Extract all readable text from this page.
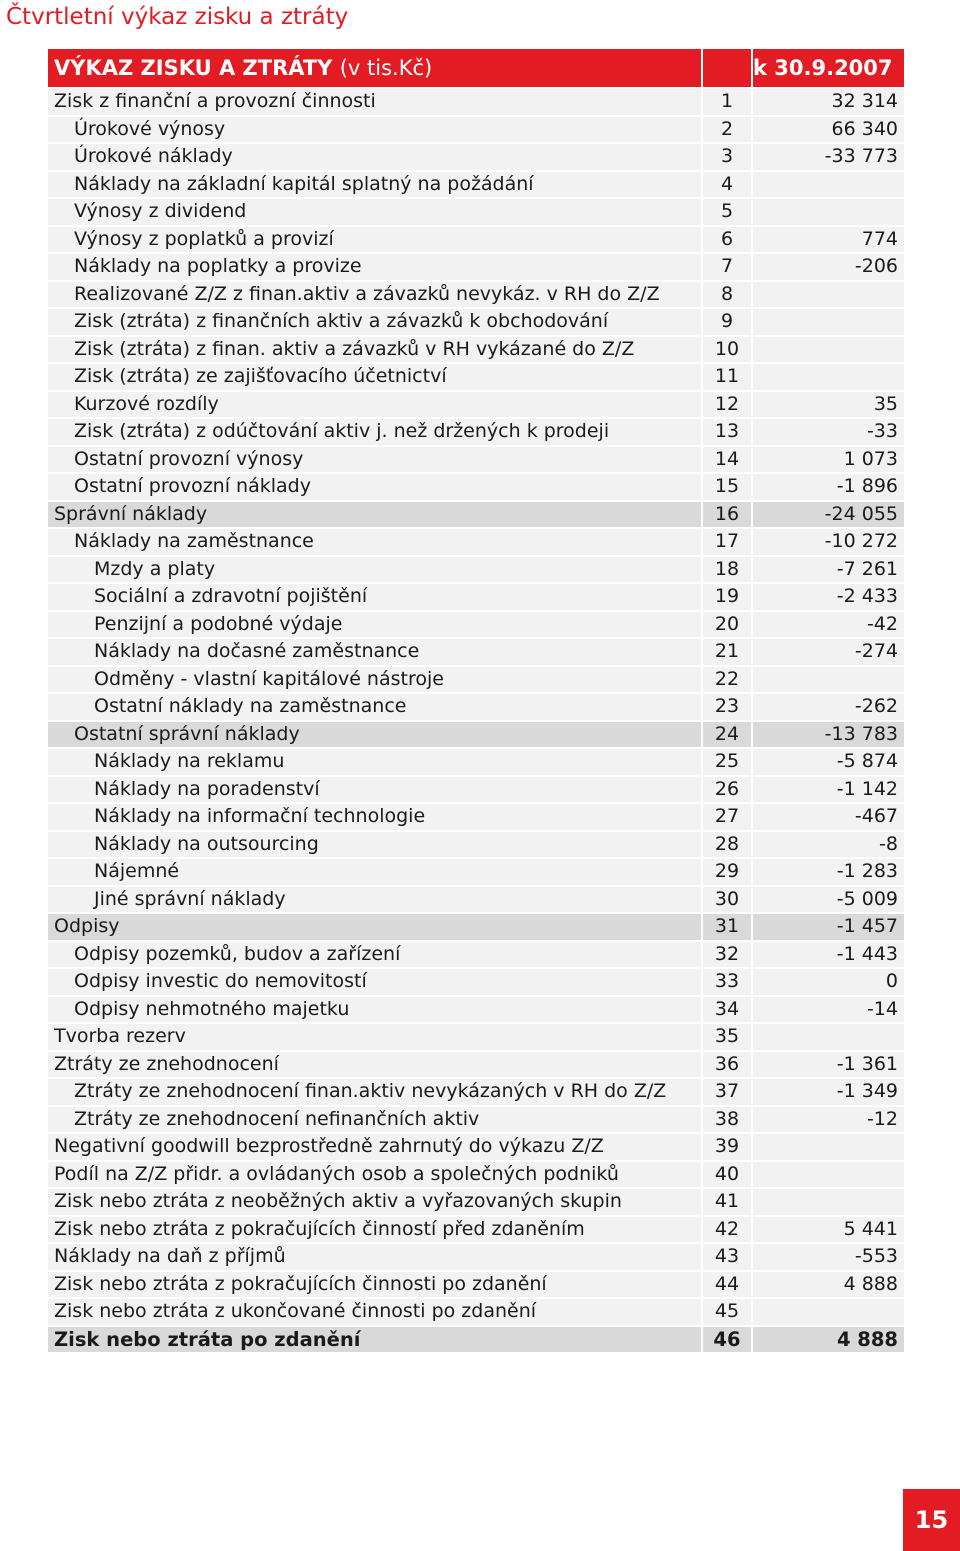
Čtvrtletní výkaz zisku a ztráty
VÝKAZ ZISKU A ZTRÁTY (v tis.Kč)		k 30.9.2007
Zisk z finanční a provozní činnosti	1	32 314
Úrokové výnosy	2	66 340
Úrokové náklady	3	-33 773
Náklady na základní kapitál splatný na požádání	4	
Výnosy z dividend	5	
Výnosy z poplatků a provizí	6	774
Náklady na poplatky a provize	7	-206
Realizované Z/Z z finan.aktiv a závazků nevykáz. v RH do Z/Z	8	
Zisk (ztráta) z finančních aktiv a závazků k obchodování	9	
Zisk (ztráta) z finan. aktiv a závazků v RH vykázané do Z/Z	10	
Zisk (ztráta) ze zajišťovacího účetnictví	11	
Kurzové rozdíly	12	35
Zisk (ztráta) z odúčtování aktiv j. než držených k prodeji	13	-33
Ostatní provozní výnosy	14	1 073
Ostatní provozní náklady	15	-1 896
Správní náklady	16	-24 055
Náklady na zaměstnance	17	-10 272
Mzdy a platy	18	-7 261
Sociální a zdravotní pojištění	19	-2 433
Penzijní a podobné výdaje	20	-42
Náklady na dočasné zaměstnance	21	-274
Odměny - vlastní kapitálové nástroje	22	
Ostatní náklady na zaměstnance	23	-262
Ostatní správní náklady	24	-13 783
Náklady na reklamu	25	-5 874
Náklady na poradenství	26	-1 142
Náklady na informační technologie	27	-467
Náklady na outsourcing	28	-8
Nájemné	29	-1 283
Jiné správní náklady	30	-5 009
Odpisy	31	-1 457
Odpisy pozemků, budov a zařízení	32	-1 443
Odpisy investic do nemovitostí	33	0
Odpisy nehmotného majetku	34	-14
Tvorba rezerv	35	
Ztráty ze znehodnocení	36	-1 361
Ztráty ze znehodnocení finan.aktiv nevykázaných v RH do Z/Z	37	-1 349
Ztráty ze znehodnocení nefinančních aktiv	38	-12
Negativní goodwill bezprostředně zahrnutý do výkazu Z/Z	39	
Podíl na Z/Z přidr. a ovládaných osob a společných podniků	40	
Zisk nebo ztráta z neoběžných aktiv a vyřazovaných skupin	41	
Zisk nebo ztráta z pokračujících činností před zdaněním	42	5 441
Náklady na daň z příjmů	43	-553
Zisk nebo ztráta z pokračujících činnosti po zdanění	44	4 888
Zisk nebo ztráta z ukončované činnosti po zdanění	45	
Zisk nebo ztráta po zdanění	46	4 888
15
